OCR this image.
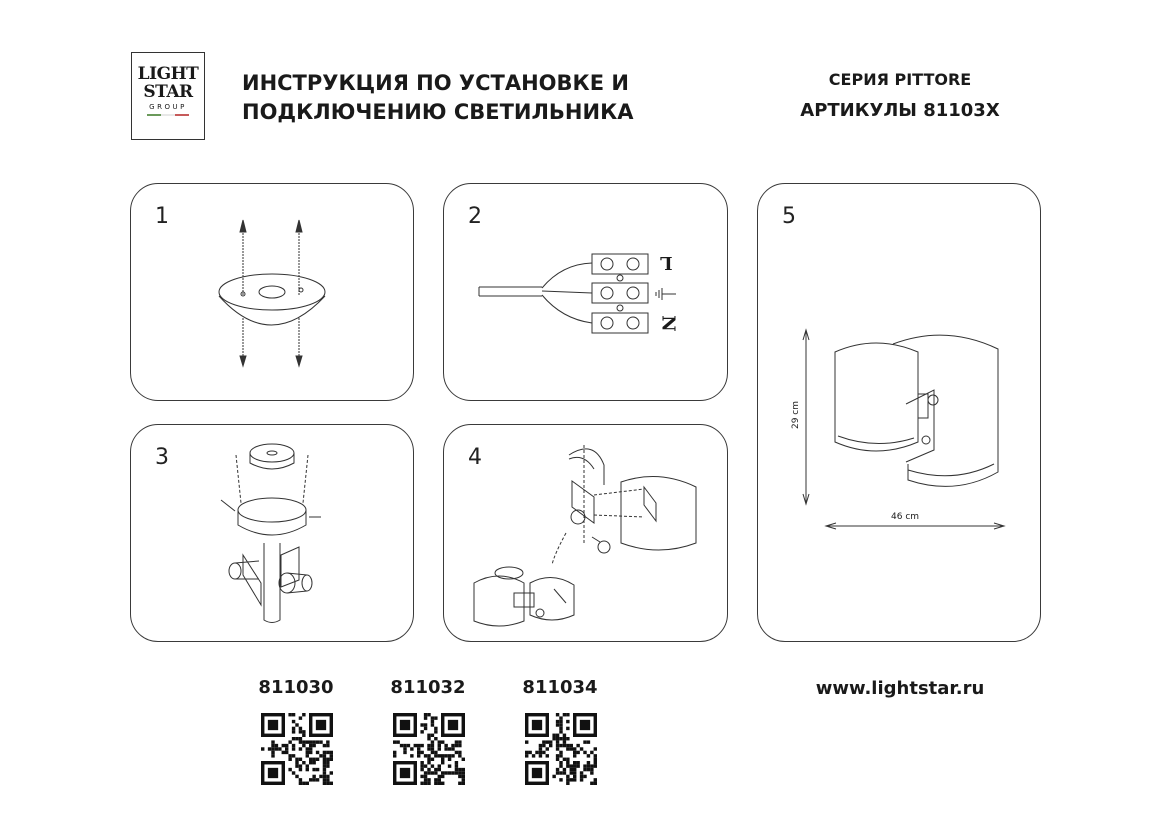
LIGHT
STAR
GROUP
ИНСТРУКЦИЯ ПО УСТАНОВКЕ И ПОДКЛЮЧЕНИЮ СВЕТИЛЬНИКА
СЕРИЯ PITTORE
АРТИКУЛЫ 81103X
1	2
L
N
3	4
5
29 cm
46 cm
811030	811032	811034	www.lightstar.ru
